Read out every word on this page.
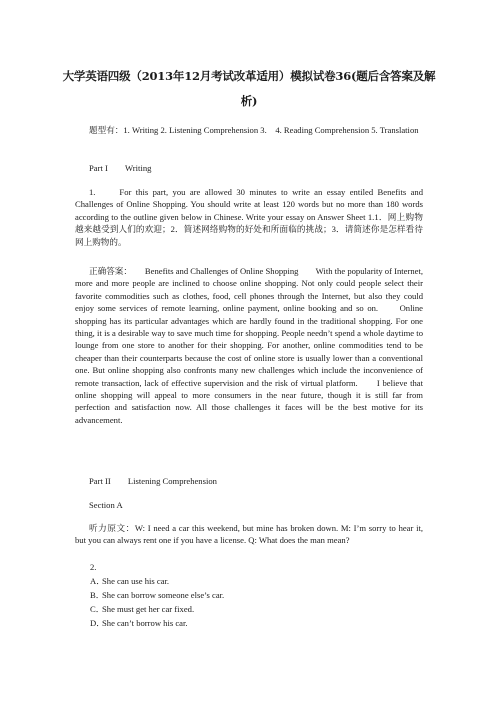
大学英语四级（2013年12月考试改革适用）模拟试卷36(题后含答案及解析)
题型有：1. Writing 2. Listening Comprehension 3.　4. Reading Comprehension 5. Translation
Part I　　Writing
1.　　For this part, you are allowed 30 minutes to write an essay entiled Benefits and Challenges of Online Shopping. You should write at least 120 words but no more than 180 words according to the outline given below in Chinese. Write your essay on Answer Sheet 1.1．网上购物越来越受到人们的欢迎；2．简述网络购物的好处和所面临的挑战；3．请简述你是怎样看待网上购物的。
正确答案：　　Benefits and Challenges of Online Shopping　　With the popularity of Internet, more and more people are inclined to choose online shopping. Not only could people select their favorite commodities such as clothes, food, cell phones through the Internet, but also they could enjoy some services of remote learning, online payment, online booking and so on.　　Online shopping has its particular advantages which are hardly found in the traditional shopping. For one thing, it is a desirable way to save much time for shopping. People needn’t spend a whole daytime to lounge from one store to another for their shopping. For another, online commodities tend to be cheaper than their counterparts because the cost of online store is usually lower than a conventional one. But online shopping also confronts many new challenges which include the inconvenience of remote transaction, lack of effective supervision and the risk of virtual platform.　　I believe that online shopping will appeal to more consumers in the near future, though it is still far from perfection and satisfaction now. All those challenges it faces will be the best motive for its advancement.
Part II　　Listening Comprehension
Section A
听力原文：W: I need a car this weekend, but mine has broken down. M: I’m sorry to hear it, but you can always rent one if you have a license. Q: What does the man mean?
2.
A．She can use his car.
B．She can borrow someone else’s car.
C．She must get her car fixed.
D．She can’t borrow his car.
